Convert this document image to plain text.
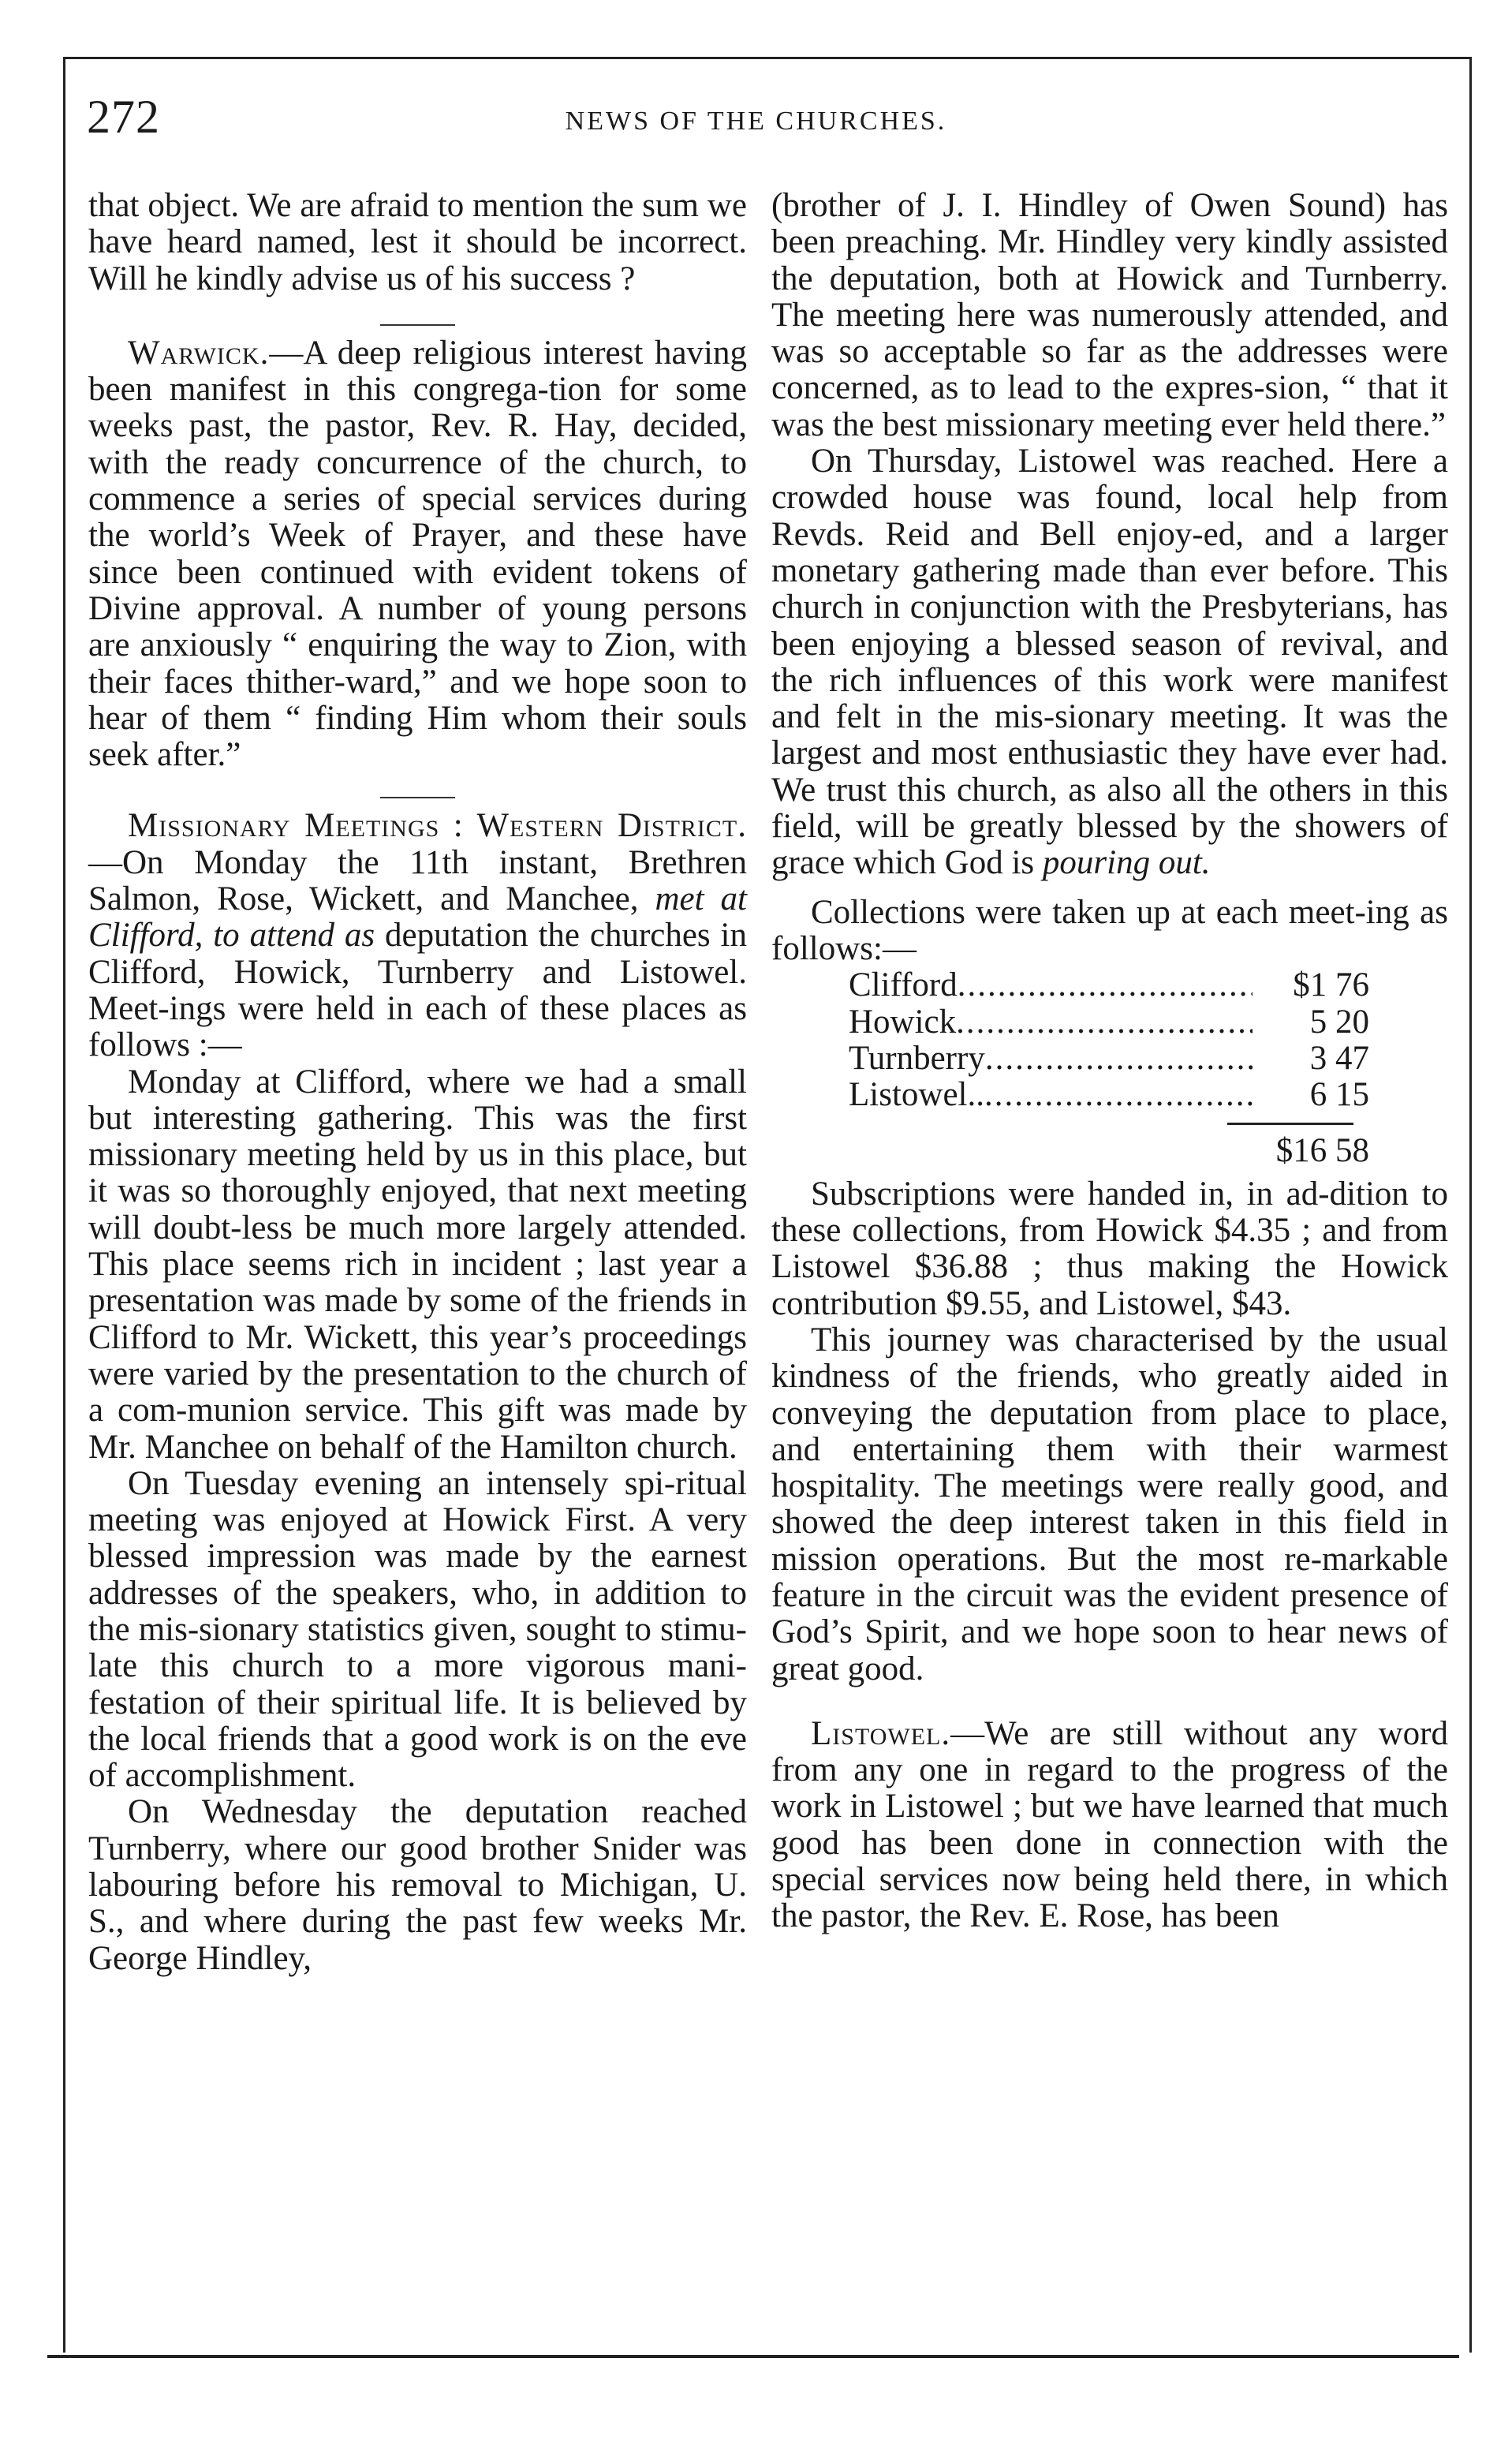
272	NEWS OF THE CHURCHES.

that object. We are afraid to mention the sum we have heard named, lest it should be incorrect. Will he kindly advise us of his success ?

Warwick.—A deep religious interest having been manifest in this congrega-tion for some weeks past, the pastor, Rev. R. Hay, decided, with the ready concurrence of the church, to commence a series of special services during the world’s Week of Prayer, and these have since been continued with evident tokens of Divine approval. A number of young persons are anxiously “ enquiring the way to Zion, with their faces thither-ward,” and we hope soon to hear of them “ finding Him whom their souls seek after.”

Missionary Meetings : Western District.—On Monday the 11th instant, Brethren Salmon, Rose, Wickett, and Manchee, met at Clifford, to attend as deputation the churches in Clifford, Howick, Turnberry and Listowel. Meet-ings were held in each of these places as follows :—

Monday at Clifford, where we had a small but interesting gathering. This was the first missionary meeting held by us in this place, but it was so thoroughly enjoyed, that next meeting will doubt-less be much more largely attended. This place seems rich in incident ; last year a presentation was made by some of the friends in Clifford to Mr. Wickett, this year’s proceedings were varied by the presentation to the church of a com-munion service. This gift was made by Mr. Manchee on behalf of the Hamilton church.

On Tuesday evening an intensely spi-ritual meeting was enjoyed at Howick First. A very blessed impression was made by the earnest addresses of the speakers, who, in addition to the mis-sionary statistics given, sought to stimu-late this church to a more vigorous mani-festation of their spiritual life. It is believed by the local friends that a good work is on the eve of accomplishment.

On Wednesday the deputation reached Turnberry, where our good brother Snider was labouring before his removal to Michigan, U. S., and where during the past few weeks Mr. George Hindley,

(brother of J. I. Hindley of Owen Sound) has been preaching. Mr. Hindley very kindly assisted the deputation, both at Howick and Turnberry. The meeting here was numerously attended, and was so acceptable so far as the addresses were concerned, as to lead to the expres-sion, “ that it was the best missionary meeting ever held there.”

On Thursday, Listowel was reached. Here a crowded house was found, local help from Revds. Reid and Bell enjoy-ed, and a larger monetary gathering made than ever before. This church in conjunction with the Presbyterians, has been enjoying a blessed season of revival, and the rich influences of this work were manifest and felt in the mis-sionary meeting. It was the largest and most enthusiastic they have ever had. We trust this church, as also all the others in this field, will be greatly blessed by the showers of grace which God is pouring out.

Collections were taken up at each meet-ing as follows:—

Clifford .....	$1 76
Howick .....	5 20
Turnberry .....	3 47
Listowel.. .....	6 15
$16 58

Subscriptions were handed in, in ad-dition to these collections, from Howick $4.35 ; and from Listowel $36.88 ; thus making the Howick contribution $9.55, and Listowel, $43.

This journey was characterised by the usual kindness of the friends, who greatly aided in conveying the deputation from place to place, and entertaining them with their warmest hospitality. The meetings were really good, and showed the deep interest taken in this field in mission operations. But the most re-markable feature in the circuit was the evident presence of God’s Spirit, and we hope soon to hear news of great good.

Listowel.—We are still without any word from any one in regard to the progress of the work in Listowel ; but we have learned that much good has been done in connection with the special services now being held there, in which the pastor, the Rev. E. Rose, has been
